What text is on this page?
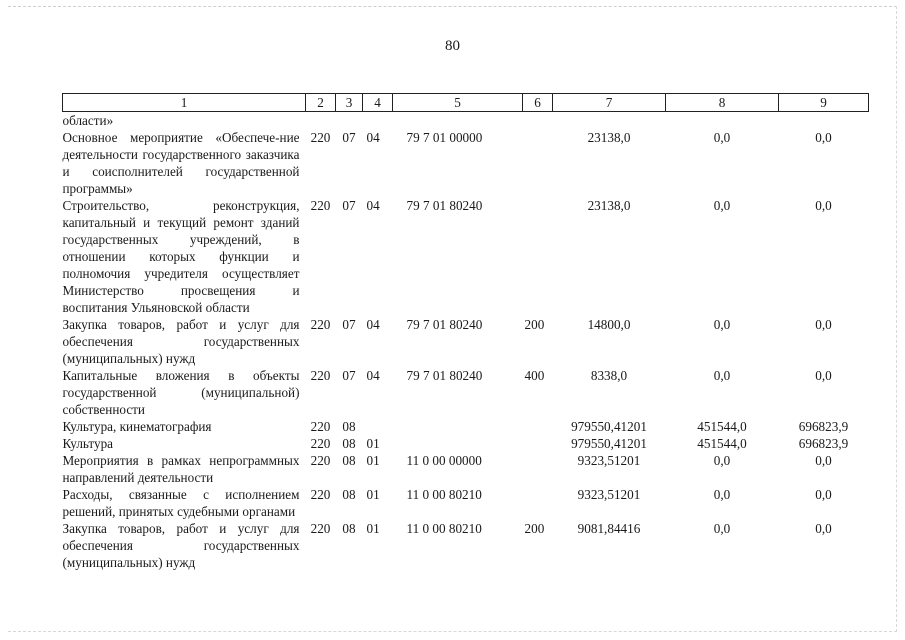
80
1	2	3	4	5	6	7	8	9
области»								
Основное мероприятие «Обеспече-ние деятельности государственного заказчика и соисполнителей государственной программы»	220	07	04	79 7 01 00000		23138,0	0,0	0,0
Строительство, реконструкция, капитальный и текущий ремонт зданий государственных учреждений, в отношении которых функции и полномочия учредителя осуществляет Министерство просвещения и воспитания Ульяновской области	220	07	04	79 7 01 80240		23138,0	0,0	0,0
Закупка товаров, работ и услуг для обеспечения государственных (муниципальных) нужд	220	07	04	79 7 01 80240	200	14800,0	0,0	0,0
Капитальные вложения в объекты государственной (муниципальной) собственности	220	07	04	79 7 01 80240	400	8338,0	0,0	0,0
Культура, кинематография	220	08				979550,41201	451544,0	696823,9
Культура	220	08	01			979550,41201	451544,0	696823,9
Мероприятия в рамках непрограммных направлений деятельности	220	08	01	11 0 00 00000		9323,51201	0,0	0,0
Расходы, связанные с исполнением решений, принятых судебными органами	220	08	01	11 0 00 80210		9323,51201	0,0	0,0
Закупка товаров, работ и услуг для обеспечения государственных (муниципальных) нужд	220	08	01	11 0 00 80210	200	9081,84416	0,0	0,0
